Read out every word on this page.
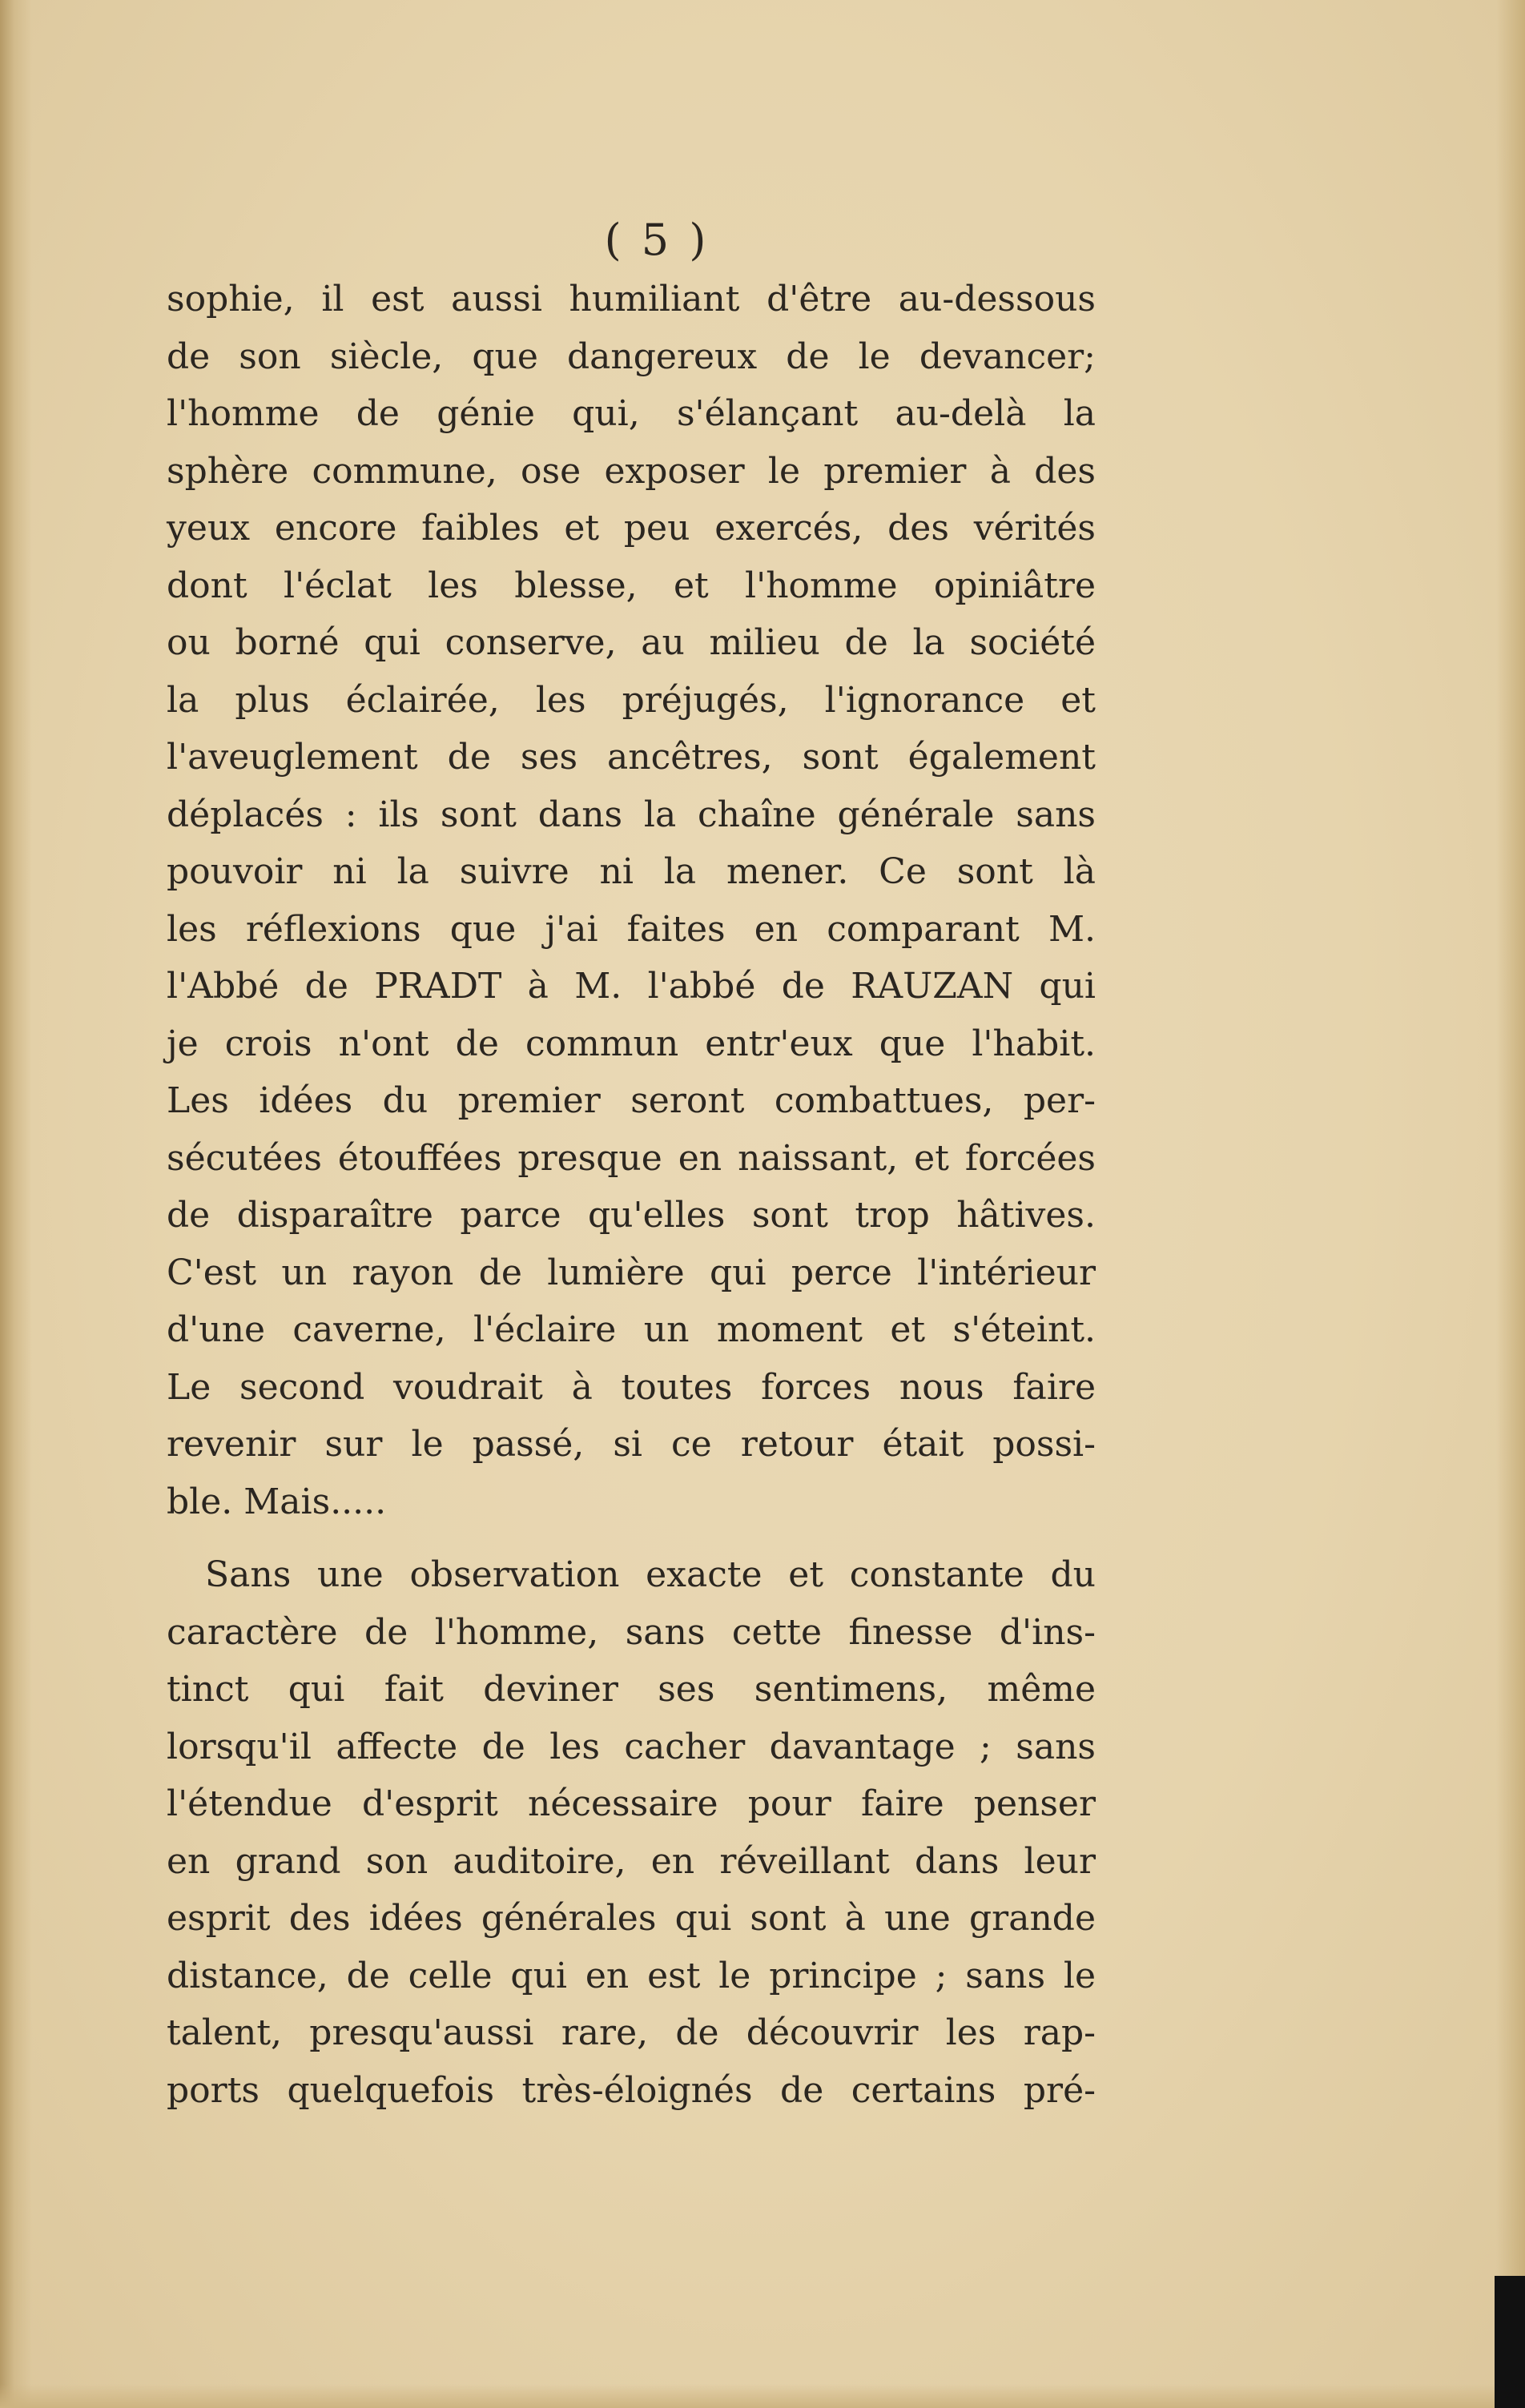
( 5 )
sophie, il est aussi humiliant d'être au-dessous
de son siècle, que dangereux de le devancer;
l'homme de génie qui, s'élançant au-delà la
sphère commune, ose exposer le premier à des
yeux encore faibles et peu exercés, des vérités
dont l'éclat les blesse, et l'homme opiniâtre
ou borné qui conserve, au milieu de la société
la plus éclairée, les préjugés, l'ignorance et
l'aveuglement de ses ancêtres, sont également
déplacés : ils sont dans la chaîne générale sans
pouvoir ni la suivre ni la mener. Ce sont là
les réflexions que j'ai faites en comparant M.
l'Abbé de PRADT à M. l'abbé de RAUZAN qui
je crois n'ont de commun entr'eux que l'habit.
Les idées du premier seront combattues, per-
sécutées étouffées presque en naissant, et forcées
de disparaître parce qu'elles sont trop hâtives.
C'est un rayon de lumière qui perce l'intérieur
d'une caverne, l'éclaire un moment et s'éteint.
Le second voudrait à toutes forces nous faire
revenir sur le passé, si ce retour était possi-
ble. Mais.....
Sans une observation exacte et constante du
caractère de l'homme, sans cette finesse d'ins-
tinct qui fait deviner ses sentimens, même
lorsqu'il affecte de les cacher davantage ; sans
l'étendue d'esprit nécessaire pour faire penser
en grand son auditoire, en réveillant dans leur
esprit des idées générales qui sont à une grande
distance, de celle qui en est le principe ; sans le
talent, presqu'aussi rare, de découvrir les rap-
ports quelquefois très-éloignés de certains pré-
